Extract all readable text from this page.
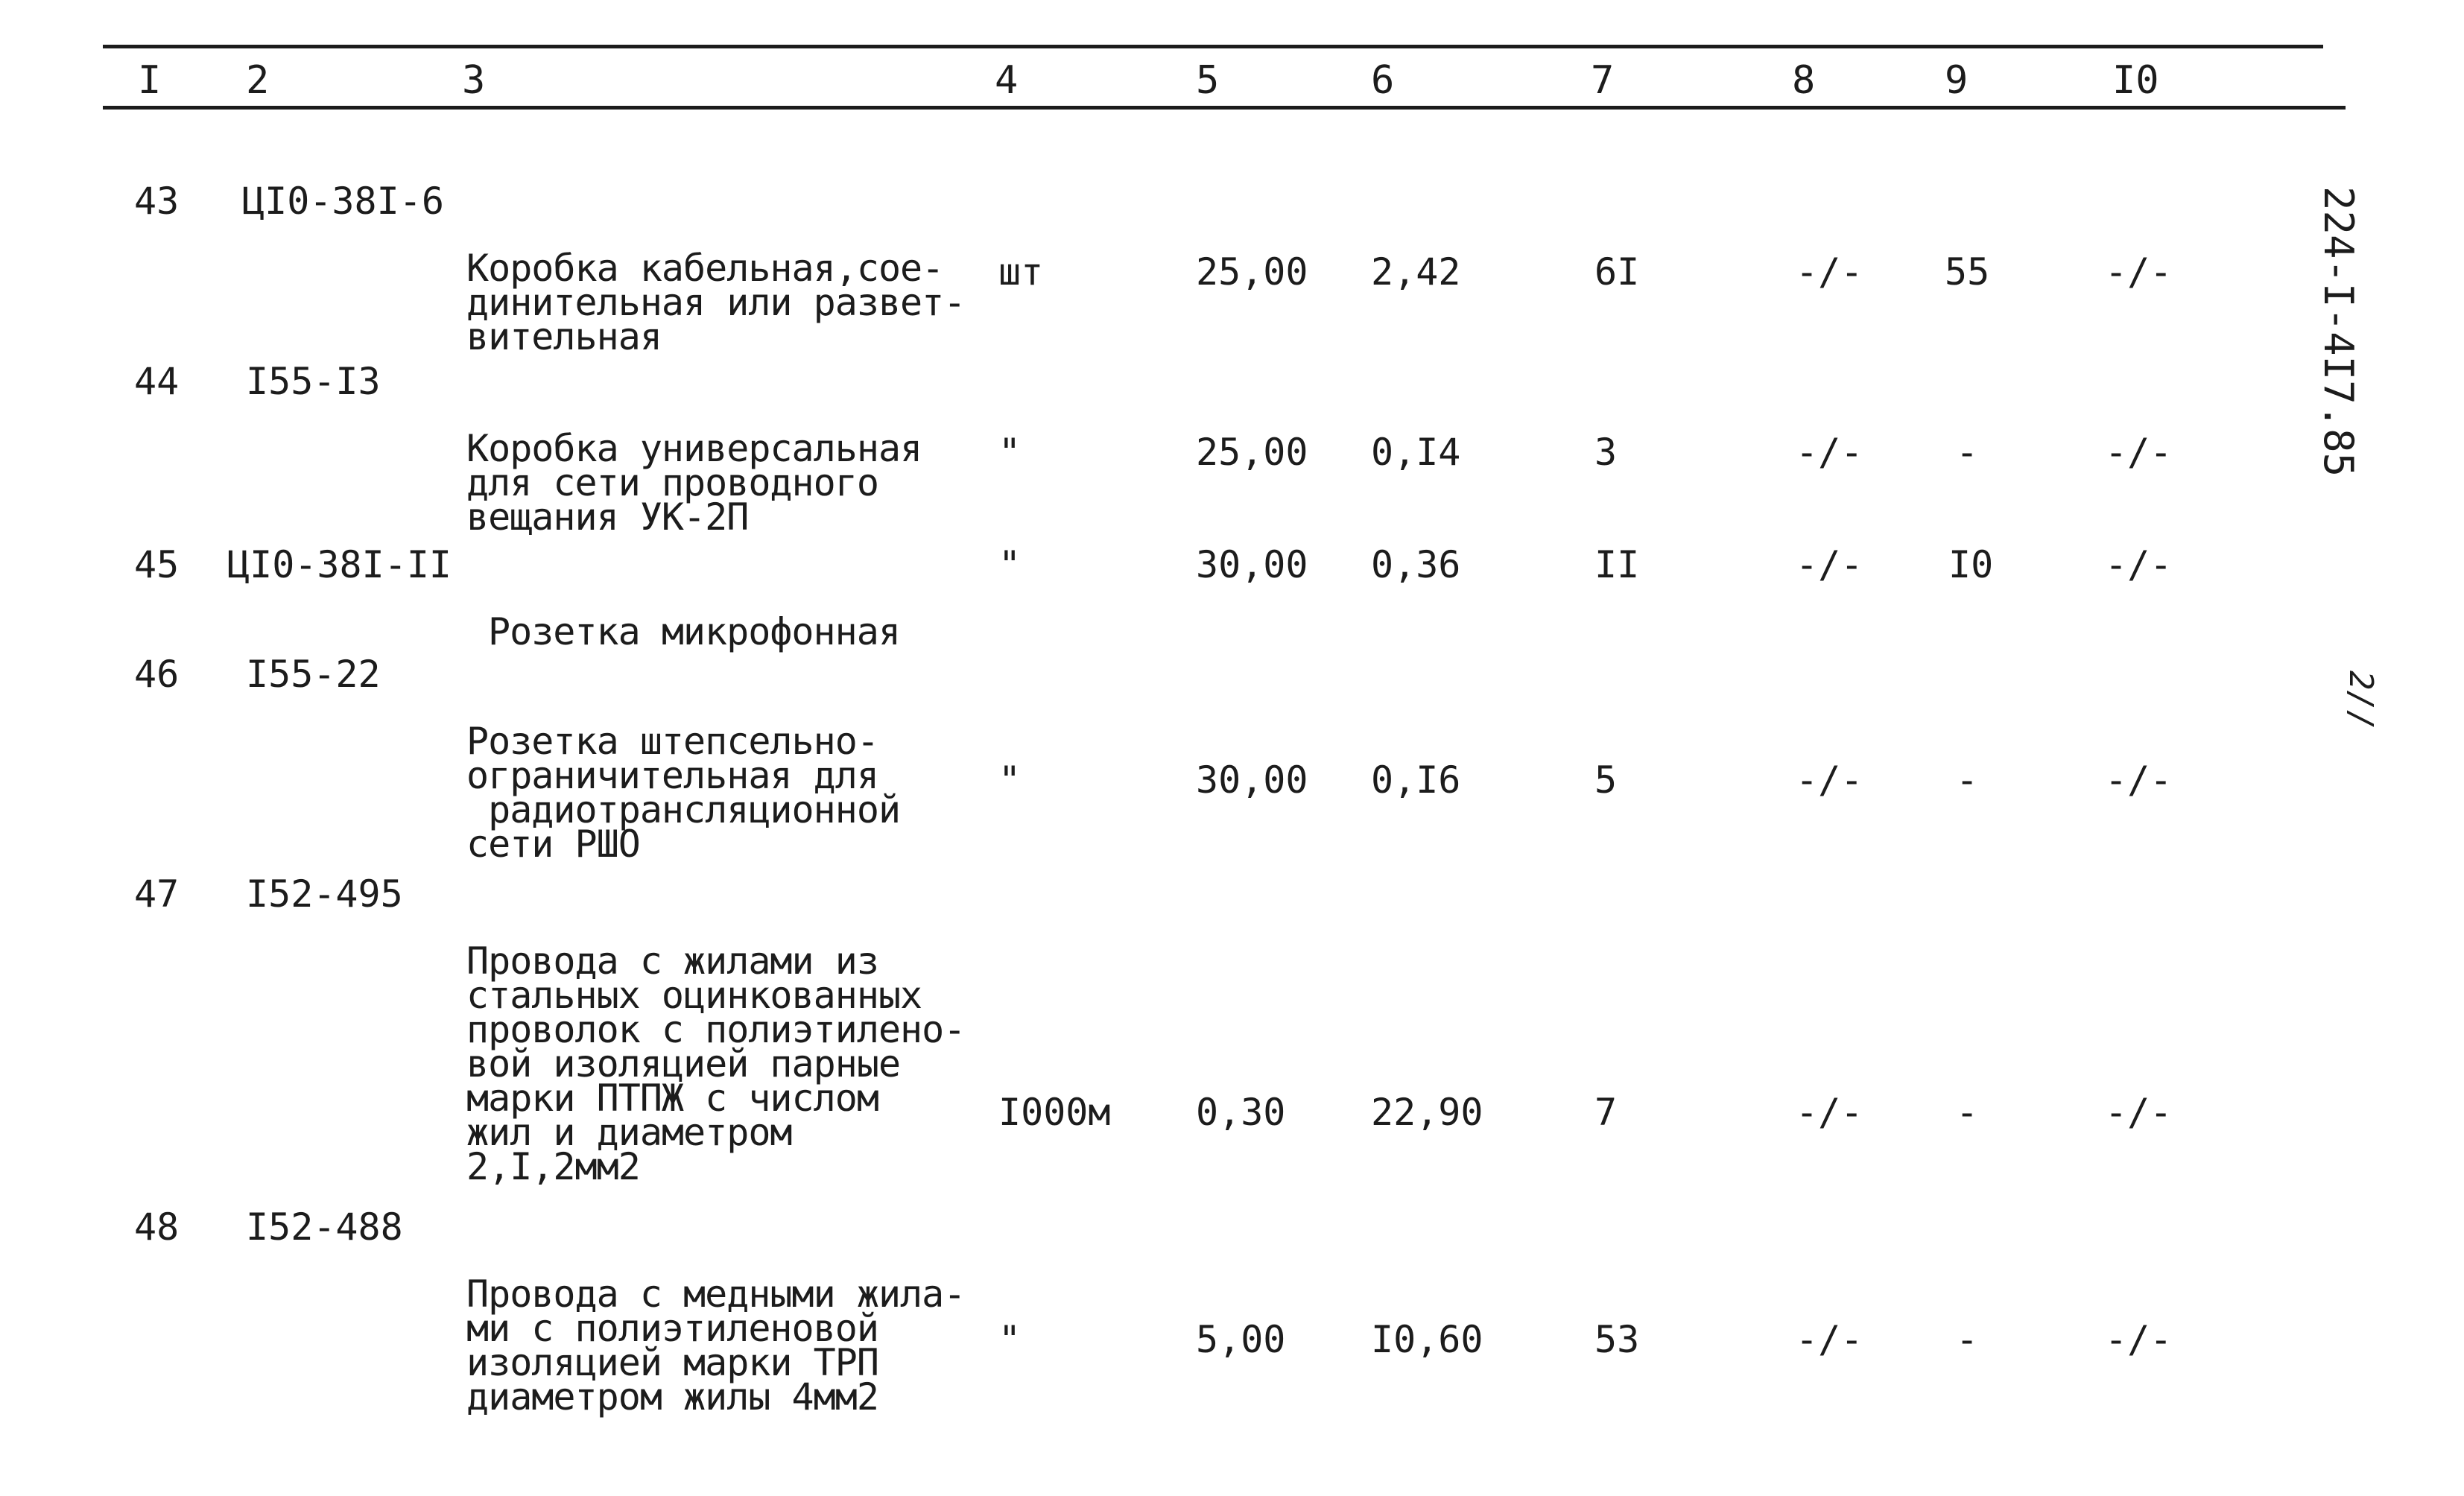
I 2	3	4	5	6	7	8	9	I0
43 ЦI0-38I-6

Коробка кабельная,сое-
динительная или развет-
вительная

шт	25,00 2,42	6I	-/- 55	-/-
44 I55-I3

Коробка универсальная
для сети проводного
вещания УК-2П

"	25,00 0,I4	3	-/- -	-/-
45 ЦI0-38I-II

Розетка микрофонная

"	30,00 0,36	II	-/- I0	-/-
46 I55-22

Розетка штепсельно-
ограничительная для
радиотрансляционной
сети РШО

"	30,00 0,I6	5	-/- -	-/-
47 I52-495

Провода с жилами из
стальных оцинкованных
проволок с полиэтилено-
вой изоляцией парные
марки ПТПЖ с числом
жил и диаметром
2,I,2мм2

I000м 0,30 22,90	7	-/- -	-/-
48 I52-488

Провода с медными жила-
ми с полиэтиленовой
изоляцией марки ТРП
диаметром жилы 4мм2

"	5,00 I0,60	53	-/- -	-/-
224-I-4I7.85
2//
